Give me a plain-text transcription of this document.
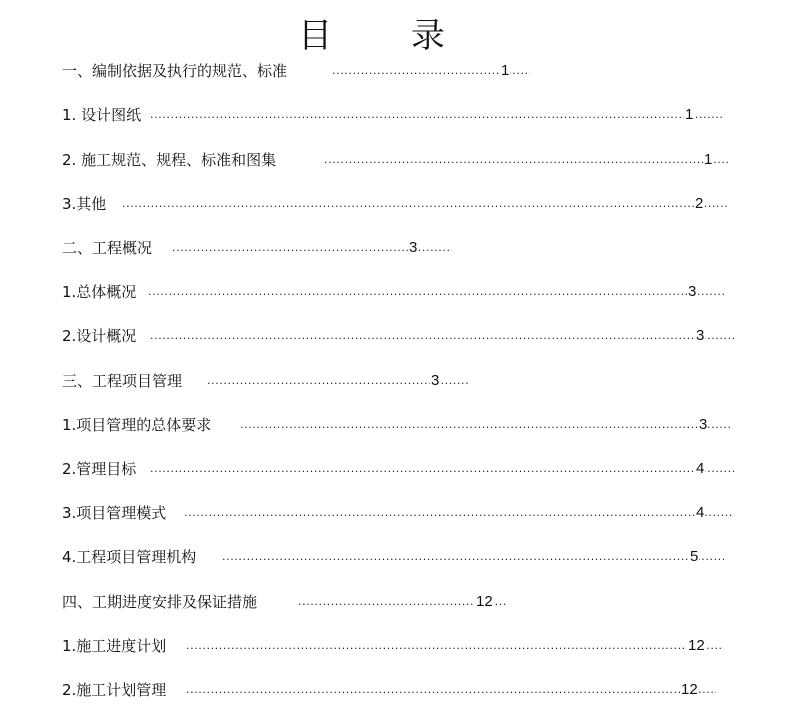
目 录
一、编制依据及执行的规范、标准 .....	1
1. 设计图纸 .....	1
2. 施工规范、规程、标准和图集 .....	1
3.其他 .....	2
二、工程概况 .....	3
1.总体概况 .....	3
2.设计概况 .....	3
三、工程项目管理 .....	3
1.项目管理的总体要求 .....	3
2.管理目标 .....	4
3.项目管理模式 .....	4
4.工程项目管理机构 .....	5
四、工期进度安排及保证措施 .....	12
1.施工进度计划 .....	12
2.施工计划管理 .....	12
